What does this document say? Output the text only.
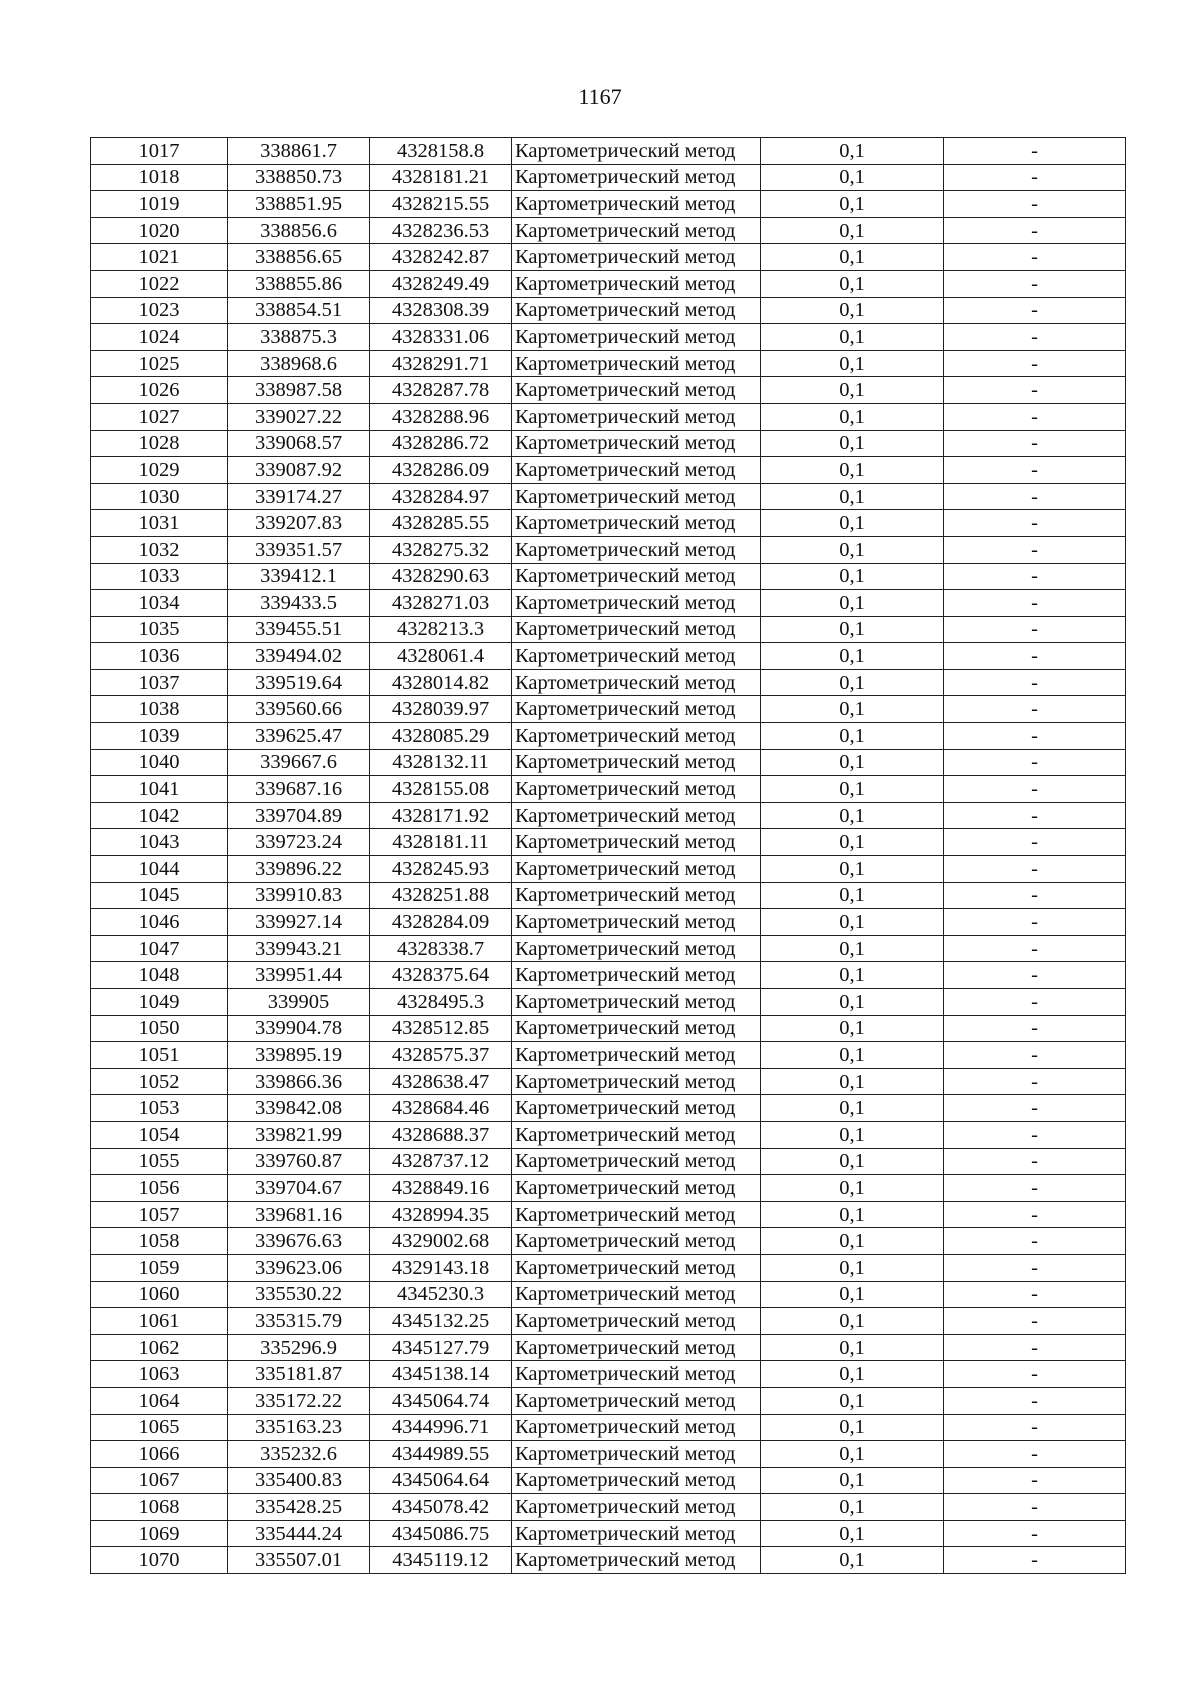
1167
1017	338861.7	4328158.8	Картометрический метод	0,1	-
1018	338850.73	4328181.21	Картометрический метод	0,1	-
1019	338851.95	4328215.55	Картометрический метод	0,1	-
1020	338856.6	4328236.53	Картометрический метод	0,1	-
1021	338856.65	4328242.87	Картометрический метод	0,1	-
1022	338855.86	4328249.49	Картометрический метод	0,1	-
1023	338854.51	4328308.39	Картометрический метод	0,1	-
1024	338875.3	4328331.06	Картометрический метод	0,1	-
1025	338968.6	4328291.71	Картометрический метод	0,1	-
1026	338987.58	4328287.78	Картометрический метод	0,1	-
1027	339027.22	4328288.96	Картометрический метод	0,1	-
1028	339068.57	4328286.72	Картометрический метод	0,1	-
1029	339087.92	4328286.09	Картометрический метод	0,1	-
1030	339174.27	4328284.97	Картометрический метод	0,1	-
1031	339207.83	4328285.55	Картометрический метод	0,1	-
1032	339351.57	4328275.32	Картометрический метод	0,1	-
1033	339412.1	4328290.63	Картометрический метод	0,1	-
1034	339433.5	4328271.03	Картометрический метод	0,1	-
1035	339455.51	4328213.3	Картометрический метод	0,1	-
1036	339494.02	4328061.4	Картометрический метод	0,1	-
1037	339519.64	4328014.82	Картометрический метод	0,1	-
1038	339560.66	4328039.97	Картометрический метод	0,1	-
1039	339625.47	4328085.29	Картометрический метод	0,1	-
1040	339667.6	4328132.11	Картометрический метод	0,1	-
1041	339687.16	4328155.08	Картометрический метод	0,1	-
1042	339704.89	4328171.92	Картометрический метод	0,1	-
1043	339723.24	4328181.11	Картометрический метод	0,1	-
1044	339896.22	4328245.93	Картометрический метод	0,1	-
1045	339910.83	4328251.88	Картометрический метод	0,1	-
1046	339927.14	4328284.09	Картометрический метод	0,1	-
1047	339943.21	4328338.7	Картометрический метод	0,1	-
1048	339951.44	4328375.64	Картометрический метод	0,1	-
1049	339905	4328495.3	Картометрический метод	0,1	-
1050	339904.78	4328512.85	Картометрический метод	0,1	-
1051	339895.19	4328575.37	Картометрический метод	0,1	-
1052	339866.36	4328638.47	Картометрический метод	0,1	-
1053	339842.08	4328684.46	Картометрический метод	0,1	-
1054	339821.99	4328688.37	Картометрический метод	0,1	-
1055	339760.87	4328737.12	Картометрический метод	0,1	-
1056	339704.67	4328849.16	Картометрический метод	0,1	-
1057	339681.16	4328994.35	Картометрический метод	0,1	-
1058	339676.63	4329002.68	Картометрический метод	0,1	-
1059	339623.06	4329143.18	Картометрический метод	0,1	-
1060	335530.22	4345230.3	Картометрический метод	0,1	-
1061	335315.79	4345132.25	Картометрический метод	0,1	-
1062	335296.9	4345127.79	Картометрический метод	0,1	-
1063	335181.87	4345138.14	Картометрический метод	0,1	-
1064	335172.22	4345064.74	Картометрический метод	0,1	-
1065	335163.23	4344996.71	Картометрический метод	0,1	-
1066	335232.6	4344989.55	Картометрический метод	0,1	-
1067	335400.83	4345064.64	Картометрический метод	0,1	-
1068	335428.25	4345078.42	Картометрический метод	0,1	-
1069	335444.24	4345086.75	Картометрический метод	0,1	-
1070	335507.01	4345119.12	Картометрический метод	0,1	-
